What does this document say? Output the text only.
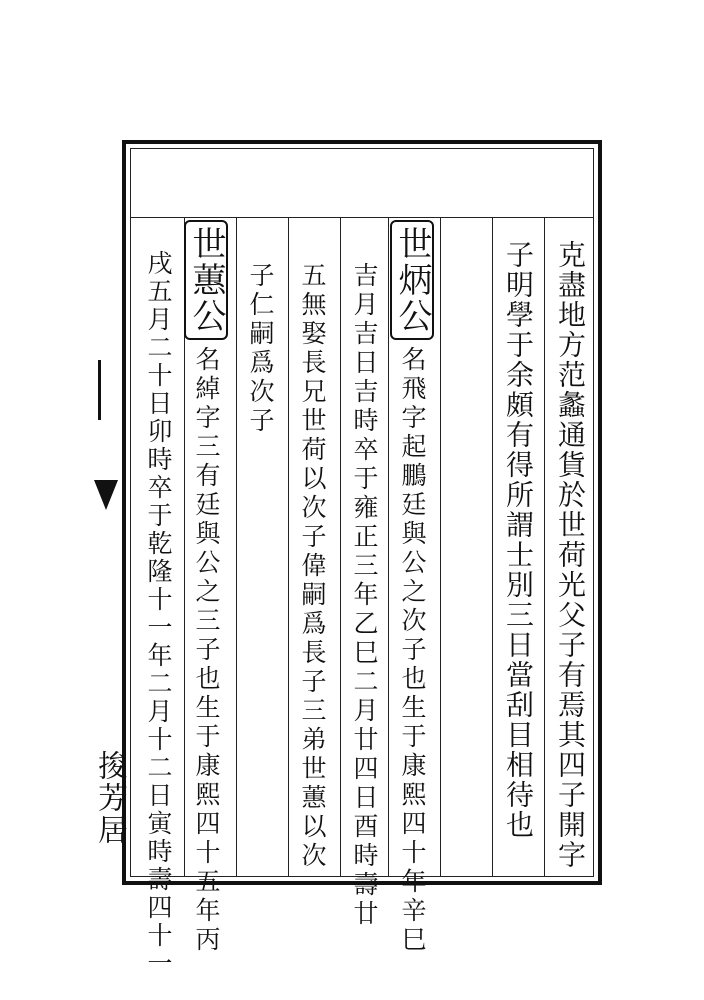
捘芳居	克盡地方范蠡通貨於世荷光父子有焉其四子開字
子明學于余頗有得所謂士別三日當刮目相待也
世炳公名飛字起鵬廷與公之次子也生于康熙四十年辛巳
吉月吉日吉時卒于雍正三年乙巳二月廿四日酉時壽廿
五無娶長兄世荷以次子偉嗣爲長子三弟世蕙以次
子仁嗣爲次子
世蕙公名綽字三有廷與公之三子也生于康熙四十五年丙
戌五月二十日卯時卒于乾隆十一年二月十二日寅時壽四十一
